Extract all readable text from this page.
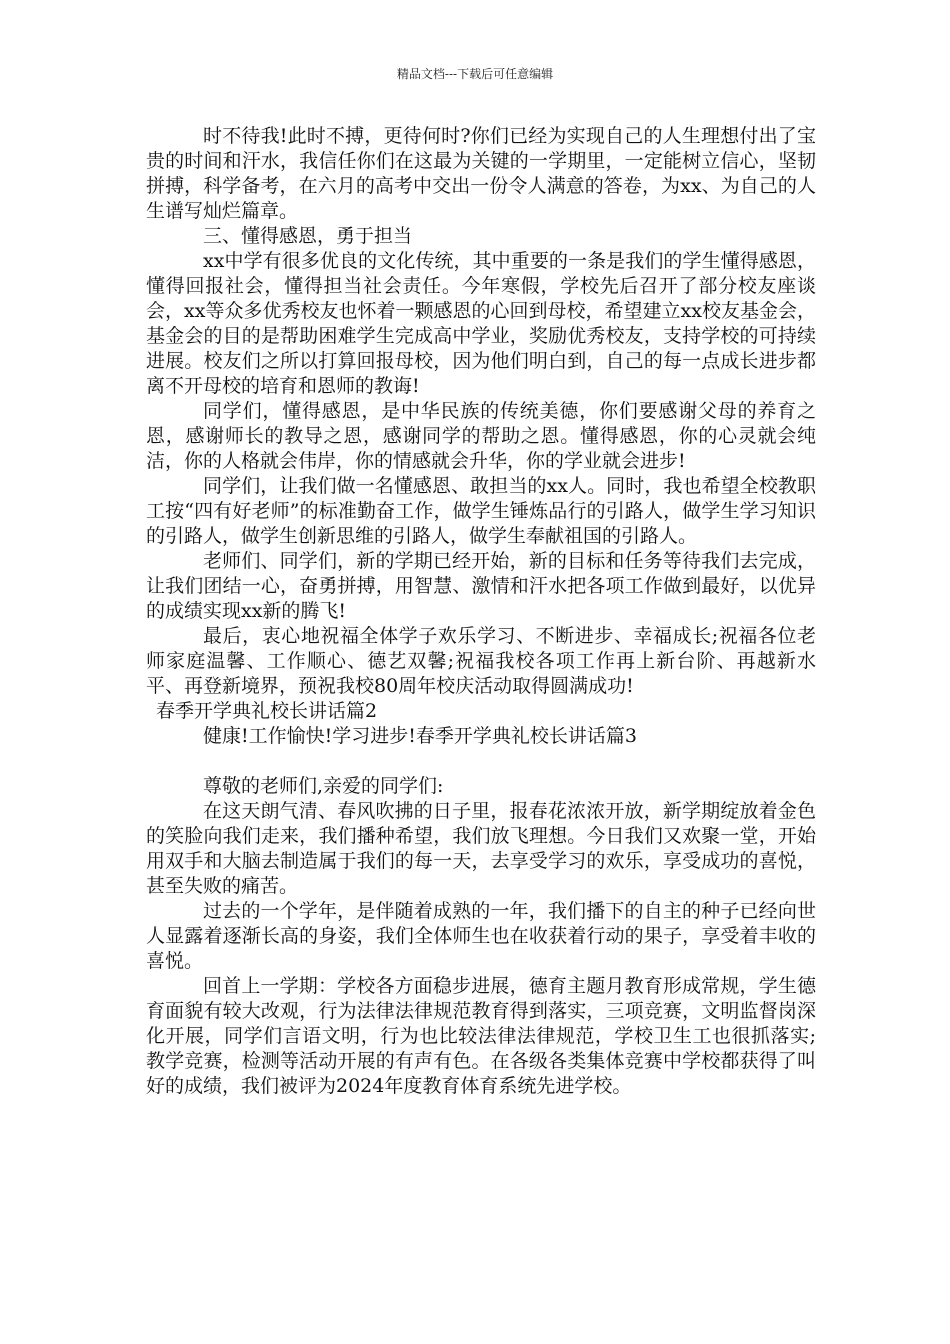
精品文档---下载后可任意编辑

时不待我!此时不搏，更待何时?你们已经为实现自己的人生理想付出了宝贵的时间和汗水，我信任你们在这最为关键的一学期里，一定能树立信心，坚韧拼搏，科学备考，在六月的高考中交出一份令人满意的答卷，为xx、为自己的人生谱写灿烂篇章。

三、懂得感恩，勇于担当

xx中学有很多优良的文化传统，其中重要的一条是我们的学生懂得感恩，懂得回报社会，懂得担当社会责任。今年寒假，学校先后召开了部分校友座谈会，xx等众多优秀校友也怀着一颗感恩的心回到母校，希望建立xx校友基金会，基金会的目的是帮助困难学生完成高中学业，奖励优秀校友，支持学校的可持续进展。校友们之所以打算回报母校，因为他们明白到，自己的每一点成长进步都离不开母校的培育和恩师的教诲!

同学们，懂得感恩，是中华民族的传统美德，你们要感谢父母的养育之恩，感谢师长的教导之恩，感谢同学的帮助之恩。懂得感恩，你的心灵就会纯洁，你的人格就会伟岸，你的情感就会升华，你的学业就会进步!

同学们，让我们做一名懂感恩、敢担当的xx人。同时，我也希望全校教职工按“四有好老师”的标准勤奋工作，做学生锤炼品行的引路人，做学生学习知识的引路人，做学生创新思维的引路人，做学生奉献祖国的引路人。

老师们、同学们，新的学期已经开始，新的目标和任务等待我们去完成，让我们团结一心，奋勇拼搏，用智慧、激情和汗水把各项工作做到最好，以优异的成绩实现xx新的腾飞!

最后，衷心地祝福全体学子欢乐学习、不断进步、幸福成长;祝福各位老师家庭温馨、工作顺心、德艺双馨;祝福我校各项工作再上新台阶、再越新水平、再登新境界，预祝我校80周年校庆活动取得圆满成功!

春季开学典礼校长讲话篇2

健康!工作愉快!学习进步!春季开学典礼校长讲话篇3

尊敬的老师们,亲爱的同学们:

在这天朗气清、春风吹拂的日子里，报春花浓浓开放，新学期绽放着金色的笑脸向我们走来，我们播种希望，我们放飞理想。今日我们又欢聚一堂，开始用双手和大脑去制造属于我们的每一天，去享受学习的欢乐，享受成功的喜悦，甚至失败的痛苦。

过去的一个学年，是伴随着成熟的一年，我们播下的自主的种子已经向世人显露着逐渐长高的身姿，我们全体师生也在收获着行动的果子，享受着丰收的喜悦。

回首上一学期：学校各方面稳步进展，德育主题月教育形成常规，学生德育面貌有较大改观，行为法律法律规范教育得到落实，三项竞赛，文明监督岗深化开展，同学们言语文明，行为也比较法律法律规范，学校卫生工也很抓落实;教学竞赛，检测等活动开展的有声有色。在各级各类集体竞赛中学校都获得了叫好的成绩，我们被评为2024年度教育体育系统先进学校。
